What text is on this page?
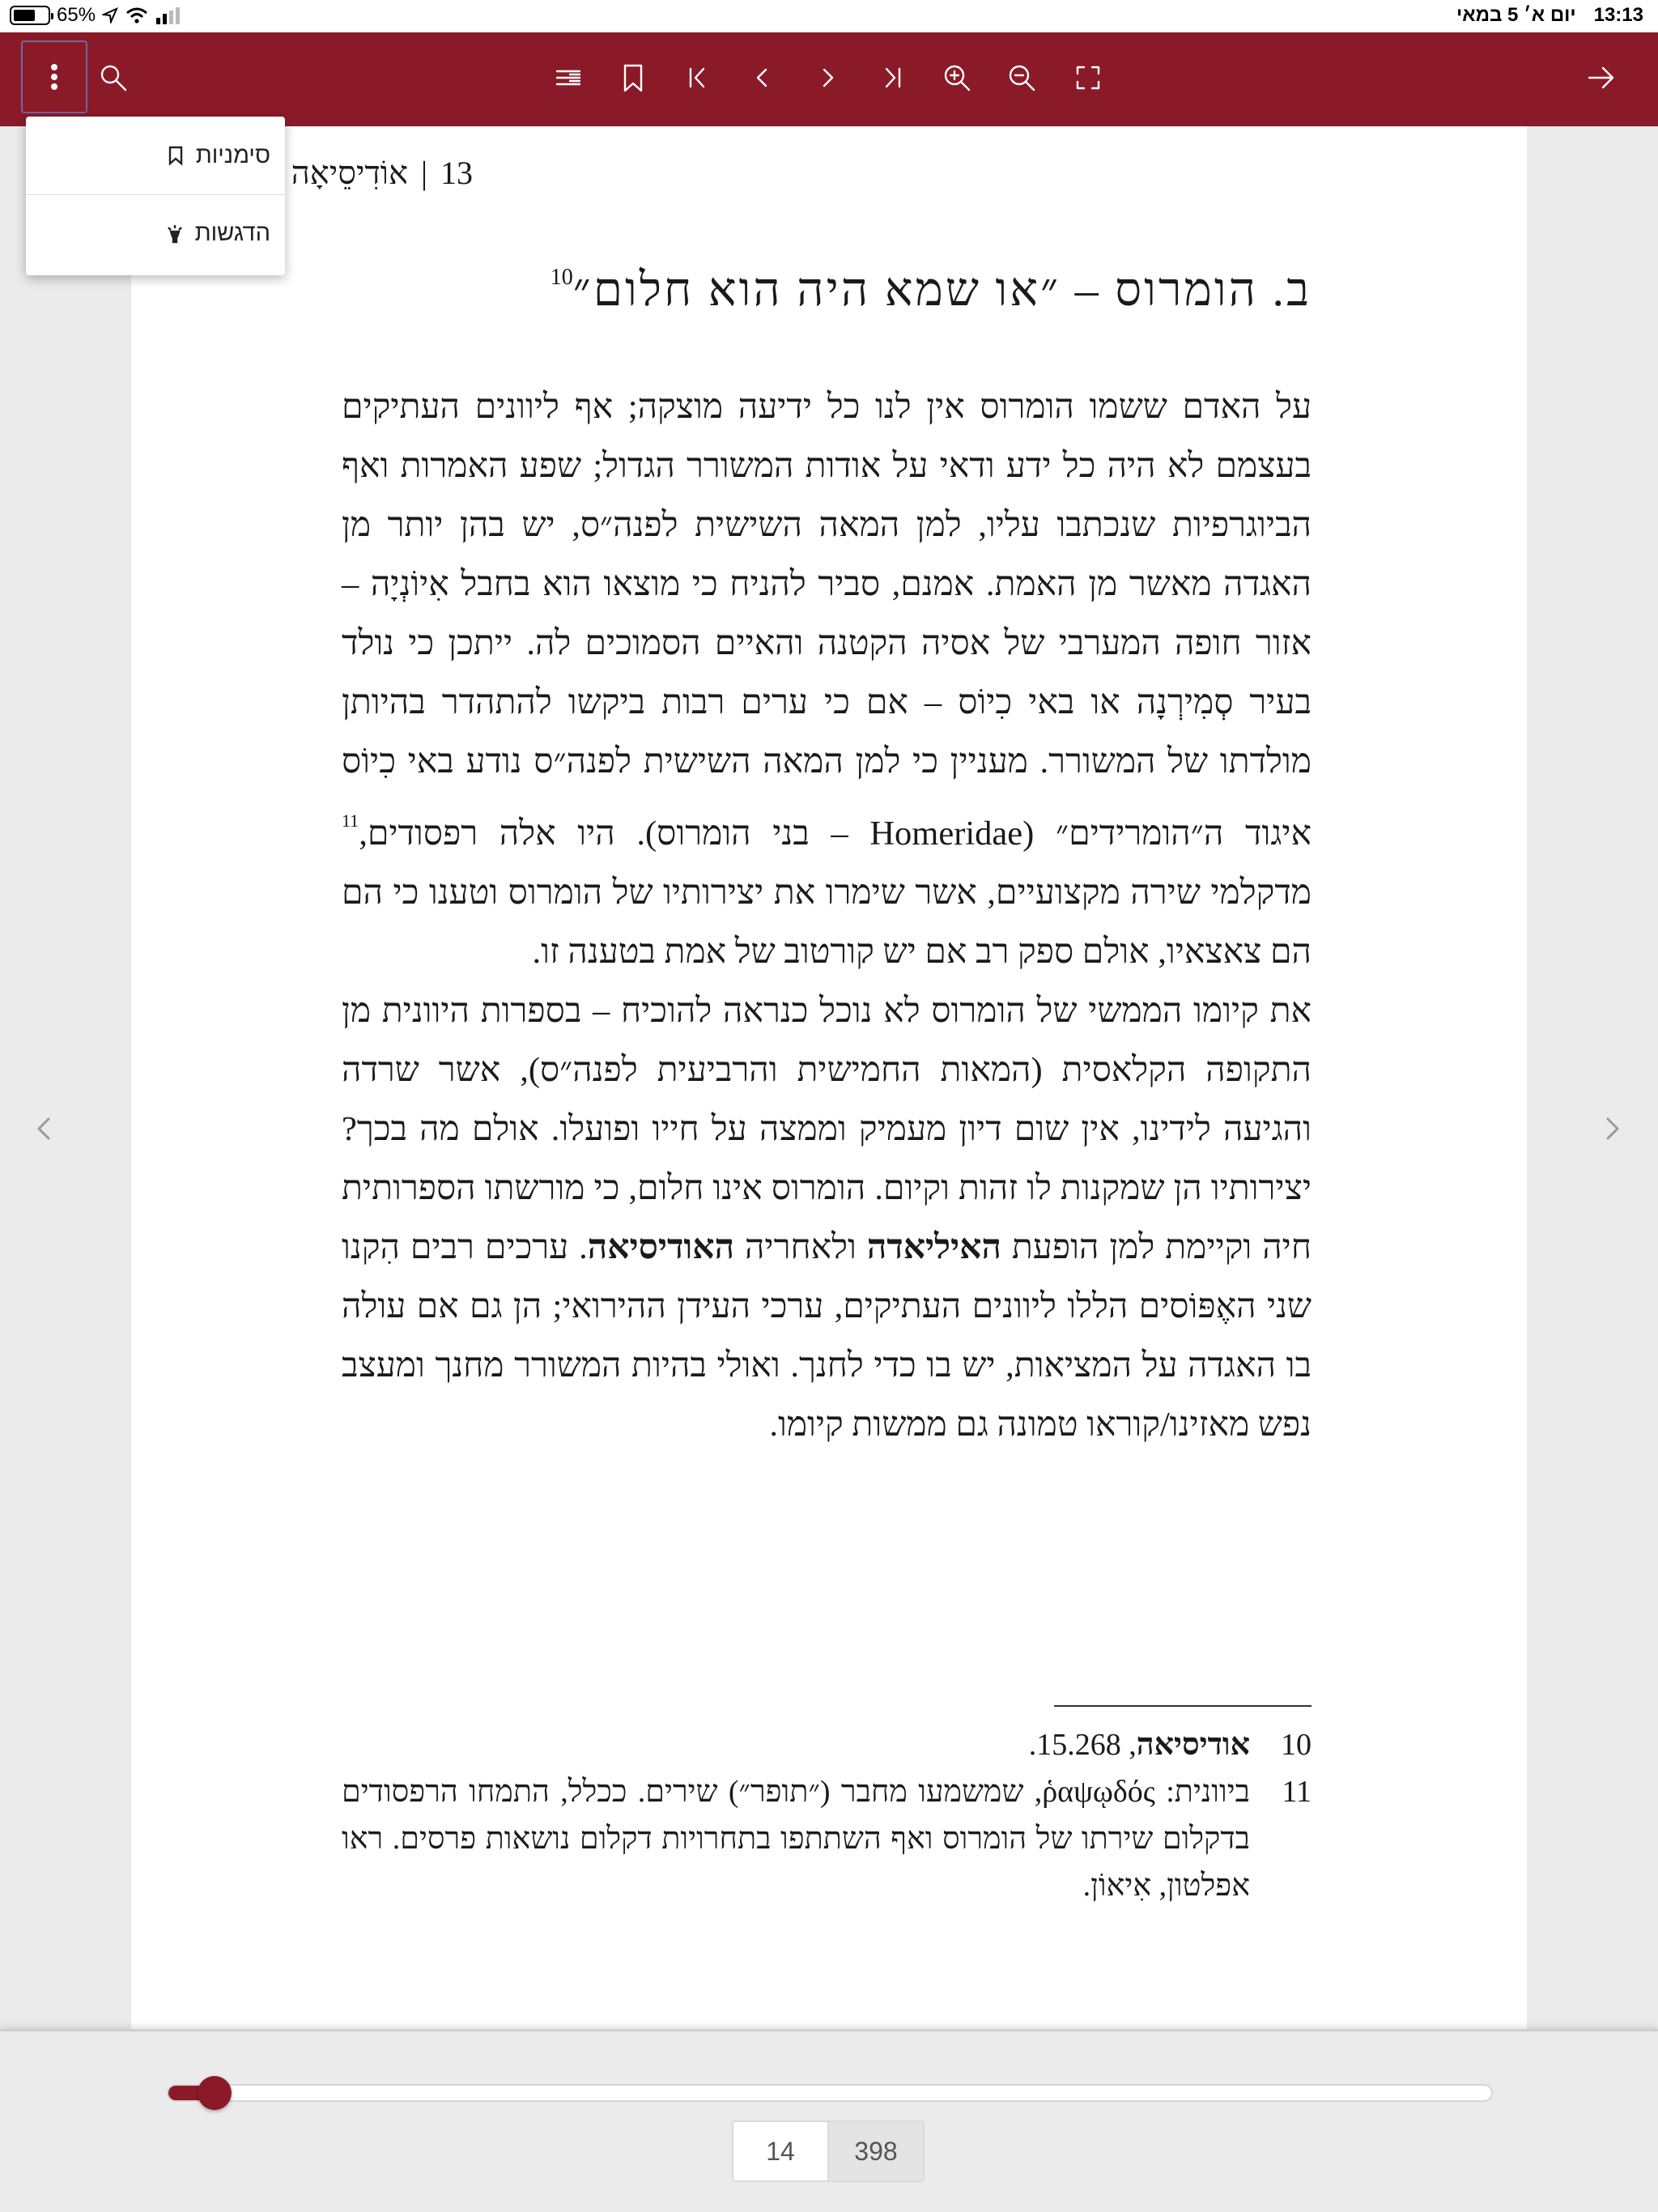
65%	13:13
יום א׳ 5 במאי
13|אוֹדִיסֵיאָה
ב. הומרוס – ״או שמא היה הוא חלום״$^{10}$

על האדם ששמו הומרוס אין לנו כל ידיעה מוצקה; אף ליוונים העתיקים בעצמם לא היה כל ידע ודאי על אודות המשורר הגדול; שפע האמרות ואף הביוגרפיות שנכתבו עליו, למן המאה השישית לפנה״ס, יש בהן יותר מן האגדה מאשר מן האמת. אמנם, סביר להניח כי מוצאו הוא בחבל אִיוֹנְיָה – אזור חופה המערבי של אסיה הקטנה והאיים הסמוכים לה. ייתכן כי נולד בעיר סְמִירְנָה או באי כִיוֹס – אם כי ערים רבות ביקשו להתהדר בהיותן מולדתו של המשורר. מעניין כי למן המאה השישית לפנה״ס נודע באי כִיוֹס איגוד ה״הומרידים״ (Homeridae – בני הומרוס). היו אלה רפסודים,$^{11}$ מדקלמי שירה מקצועיים, אשר שימרו את יצירותיו של הומרוס וטענו כי הם הם צאצאיו, אולם ספק רב אם יש קורטוב של אמת בטענה זו.

את קיומו הממשי של הומרוס לא נוכל כנראה להוכיח – בספרות היוונית מן התקופה הקלאסית (המאות החמישית והרביעית לפנה״ס), אשר שרדה והגיעה לידינו, אין שום דיון מעמיק וממצה על חייו ופועלו. אולם מה בכך? יצירותיו הן שמקנות לו זהות וקיום. הומרוס אינו חלום, כי מורשתו הספרותית חיה וקיימת למן הופעת האיליאדה ולאחריה האודיסיאה. ערכים רבים הִקנו שני האֶפּוֹסים הללו ליוונים העתיקים, ערכי העידן ההירואי; הן גם אם עולה בו האגדה על המציאות, יש בו כדי לחנך. ואולי בהיות המשורר מחנך ומעצב נפש מאזינו/קוראו טמונה גם ממשות קיומו.

10
אודיסיאה, 15.268.
11
ביוונית: ῥαψῳδός, שמשמעו מחבר (״תופר״) שירים. ככלל, התמחו הרפסודים בדקלום שירתו של הומרוס ואף השתתפו בתחרויות דקלום נושאות פרסים. ראו אפלטון, אִיאוֹן.
סימניות
הדגשות
14	398
